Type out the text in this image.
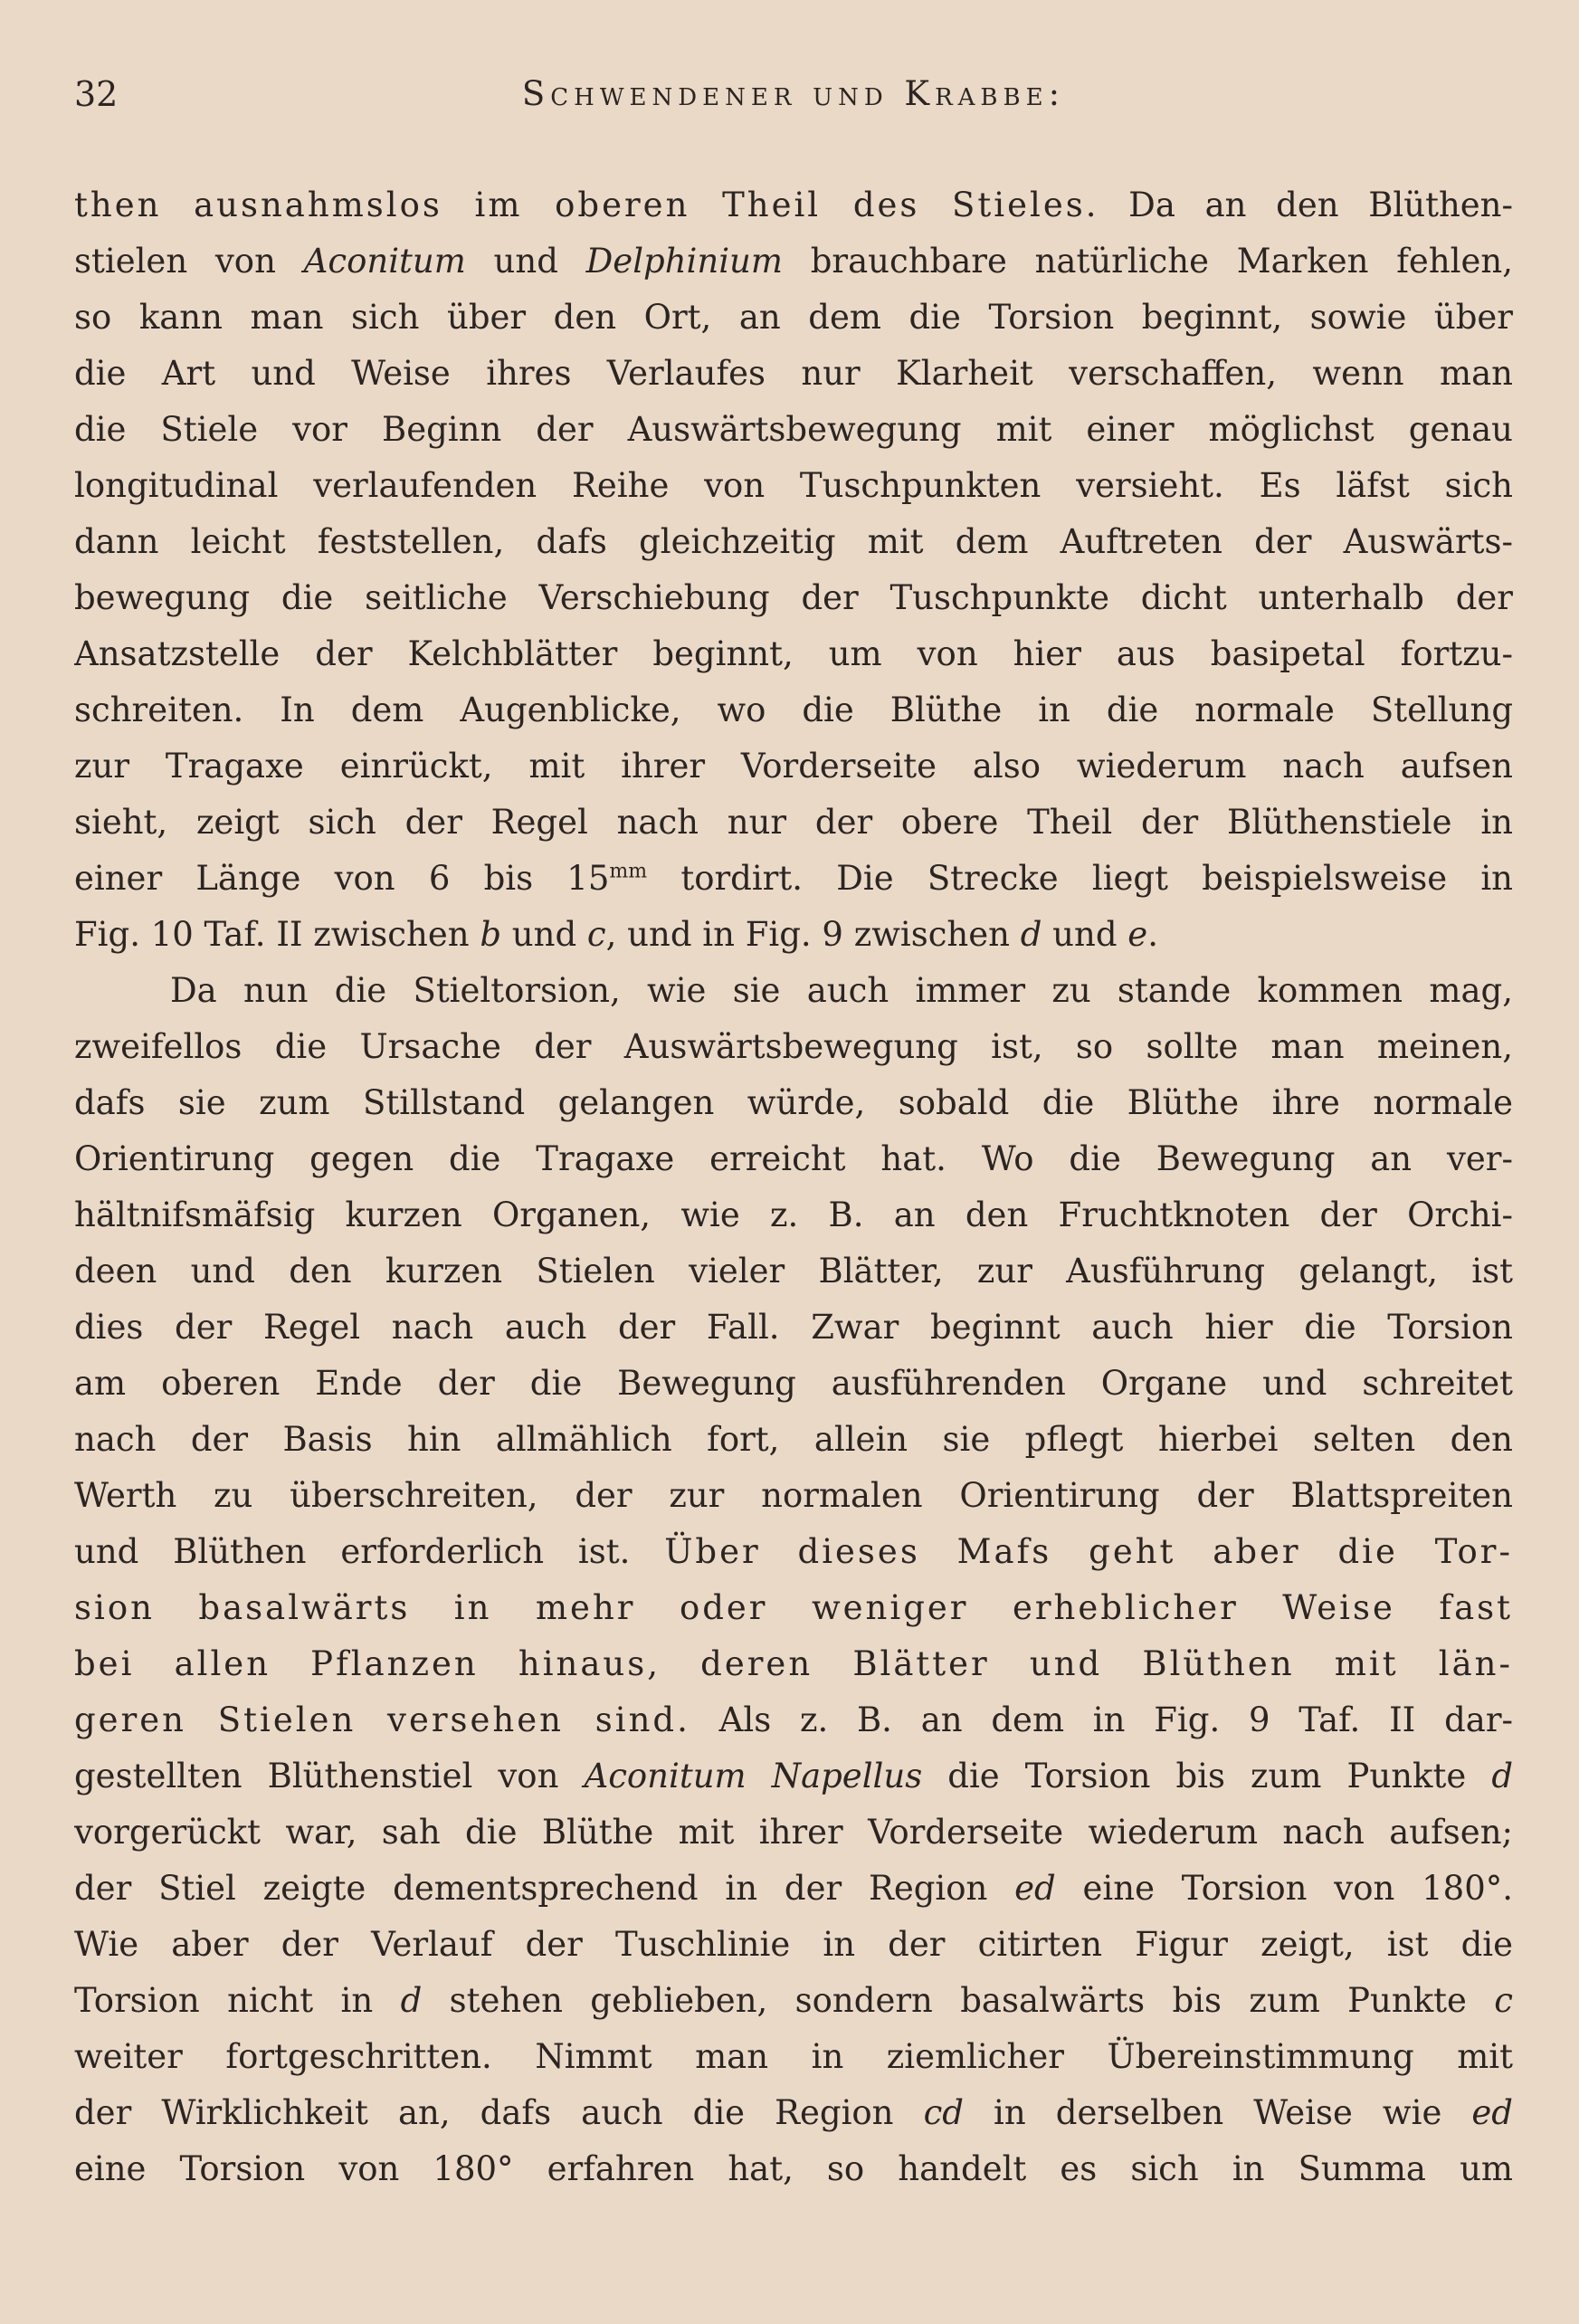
32	Schwendener und Krabbe:
then ausnahmslos im oberen Theil des Stieles. Da an den Blüthen-
stielen von Aconitum und Delphinium brauchbare natürliche Marken fehlen,
so kann man sich über den Ort, an dem die Torsion beginnt, sowie über
die Art und Weise ihres Verlaufes nur Klarheit verschaffen, wenn man
die Stiele vor Beginn der Auswärtsbewegung mit einer möglichst genau
longitudinal verlaufenden Reihe von Tuschpunkten versieht. Es läfst sich
dann leicht feststellen, dafs gleichzeitig mit dem Auftreten der Auswärts-
bewegung die seitliche Verschiebung der Tuschpunkte dicht unterhalb der
Ansatzstelle der Kelchblätter beginnt, um von hier aus basipetal fortzu-
schreiten. In dem Augenblicke, wo die Blüthe in die normale Stellung
zur Tragaxe einrückt, mit ihrer Vorderseite also wiederum nach aufsen
sieht, zeigt sich der Regel nach nur der obere Theil der Blüthenstiele in
einer Länge von 6 bis $15^{mm}$ tordirt. Die Strecke liegt beispielsweise in
Fig. 10 Taf. II zwischen b und c, und in Fig. 9 zwischen d und e.
Da nun die Stieltorsion, wie sie auch immer zu stande kommen mag,
zweifellos die Ursache der Auswärtsbewegung ist, so sollte man meinen,
dafs sie zum Stillstand gelangen würde, sobald die Blüthe ihre normale
Orientirung gegen die Tragaxe erreicht hat. Wo die Bewegung an ver-
hältnifsmäfsig kurzen Organen, wie z. B. an den Fruchtknoten der Orchi-
deen und den kurzen Stielen vieler Blätter, zur Ausführung gelangt, ist
dies der Regel nach auch der Fall. Zwar beginnt auch hier die Torsion
am oberen Ende der die Bewegung ausführenden Organe und schreitet
nach der Basis hin allmählich fort, allein sie pflegt hierbei selten den
Werth zu überschreiten, der zur normalen Orientirung der Blattspreiten
und Blüthen erforderlich ist. Über dieses Mafs geht aber die Tor-
sion basalwärts in mehr oder weniger erheblicher Weise fast
bei allen Pflanzen hinaus, deren Blätter und Blüthen mit län-
geren Stielen versehen sind. Als z. B. an dem in Fig. 9 Taf. II dar-
gestellten Blüthenstiel von Aconitum Napellus die Torsion bis zum Punkte d
vorgerückt war, sah die Blüthe mit ihrer Vorderseite wiederum nach aufsen;
der Stiel zeigte dementsprechend in der Region ed eine Torsion von 180°.
Wie aber der Verlauf der Tuschlinie in der citirten Figur zeigt, ist die
Torsion nicht in d stehen geblieben, sondern basalwärts bis zum Punkte c
weiter fortgeschritten. Nimmt man in ziemlicher Übereinstimmung mit
der Wirklichkeit an, dafs auch die Region cd in derselben Weise wie ed
eine Torsion von 180° erfahren hat, so handelt es sich in Summa um
